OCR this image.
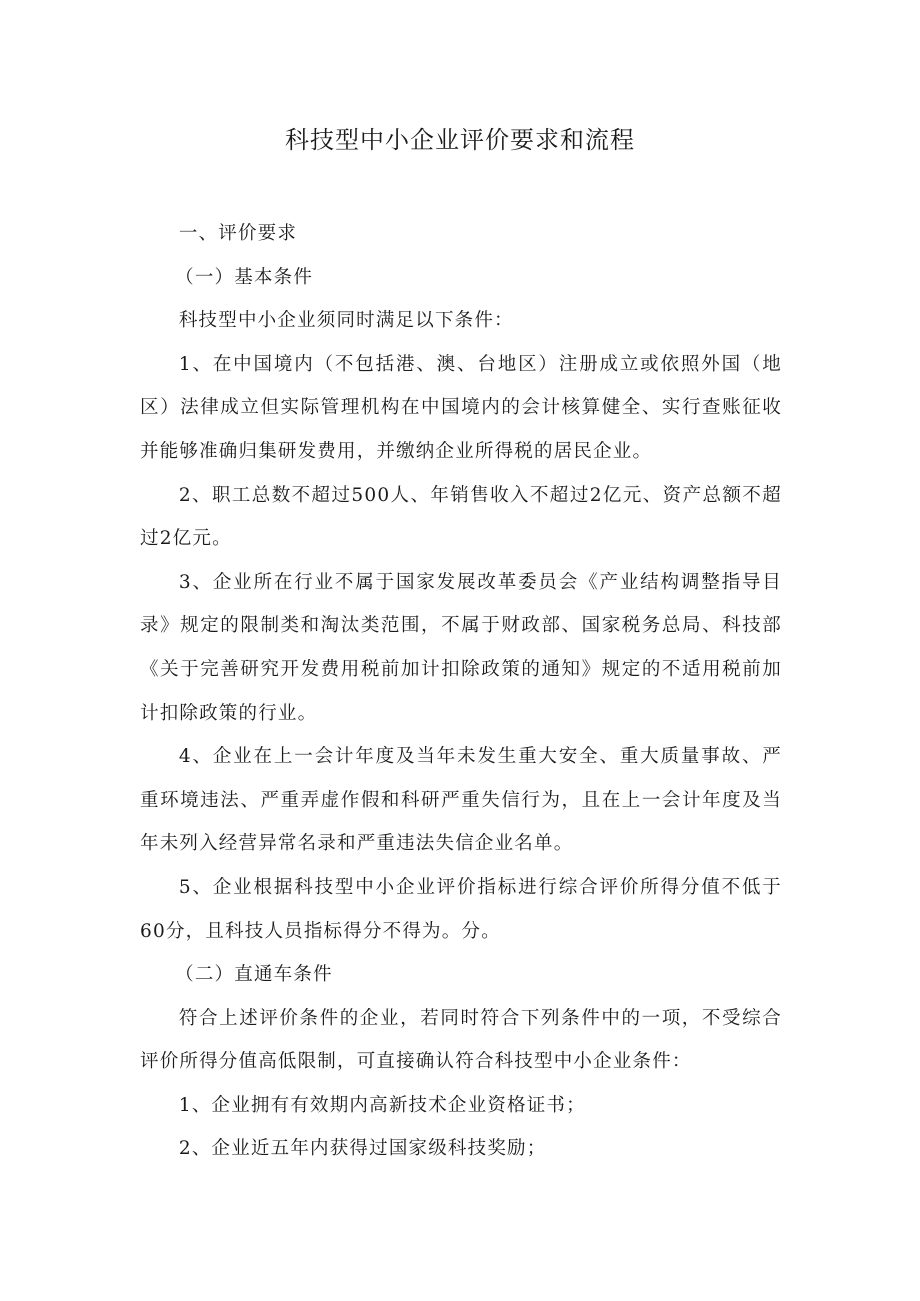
科技型中小企业评价要求和流程

一、评价要求

（一）基本条件

科技型中小企业须同时满足以下条件：

1、在中国境内（不包括港、澳、台地区）注册成立或依照外国（地区）法律成立但实际管理机构在中国境内的会计核算健全、实行查账征收并能够准确归集研发费用，并缴纳企业所得税的居民企业。

2、职工总数不超过500人、年销售收入不超过2亿元、资产总额不超过2亿元。

3、企业所在行业不属于国家发展改革委员会《产业结构调整指导目录》规定的限制类和淘汰类范围，不属于财政部、国家税务总局、科技部《关于完善研究开发费用税前加计扣除政策的通知》规定的不适用税前加计扣除政策的行业。

4、企业在上一会计年度及当年未发生重大安全、重大质量事故、严重环境违法、严重弄虚作假和科研严重失信行为，且在上一会计年度及当年未列入经营异常名录和严重违法失信企业名单。

5、企业根据科技型中小企业评价指标进行综合评价所得分值不低于60分，且科技人员指标得分不得为。分。

（二）直通车条件

符合上述评价条件的企业，若同时符合下列条件中的一项，不受综合评价所得分值高低限制，可直接确认符合科技型中小企业条件：

1、企业拥有有效期内高新技术企业资格证书；

2、企业近五年内获得过国家级科技奖励；
